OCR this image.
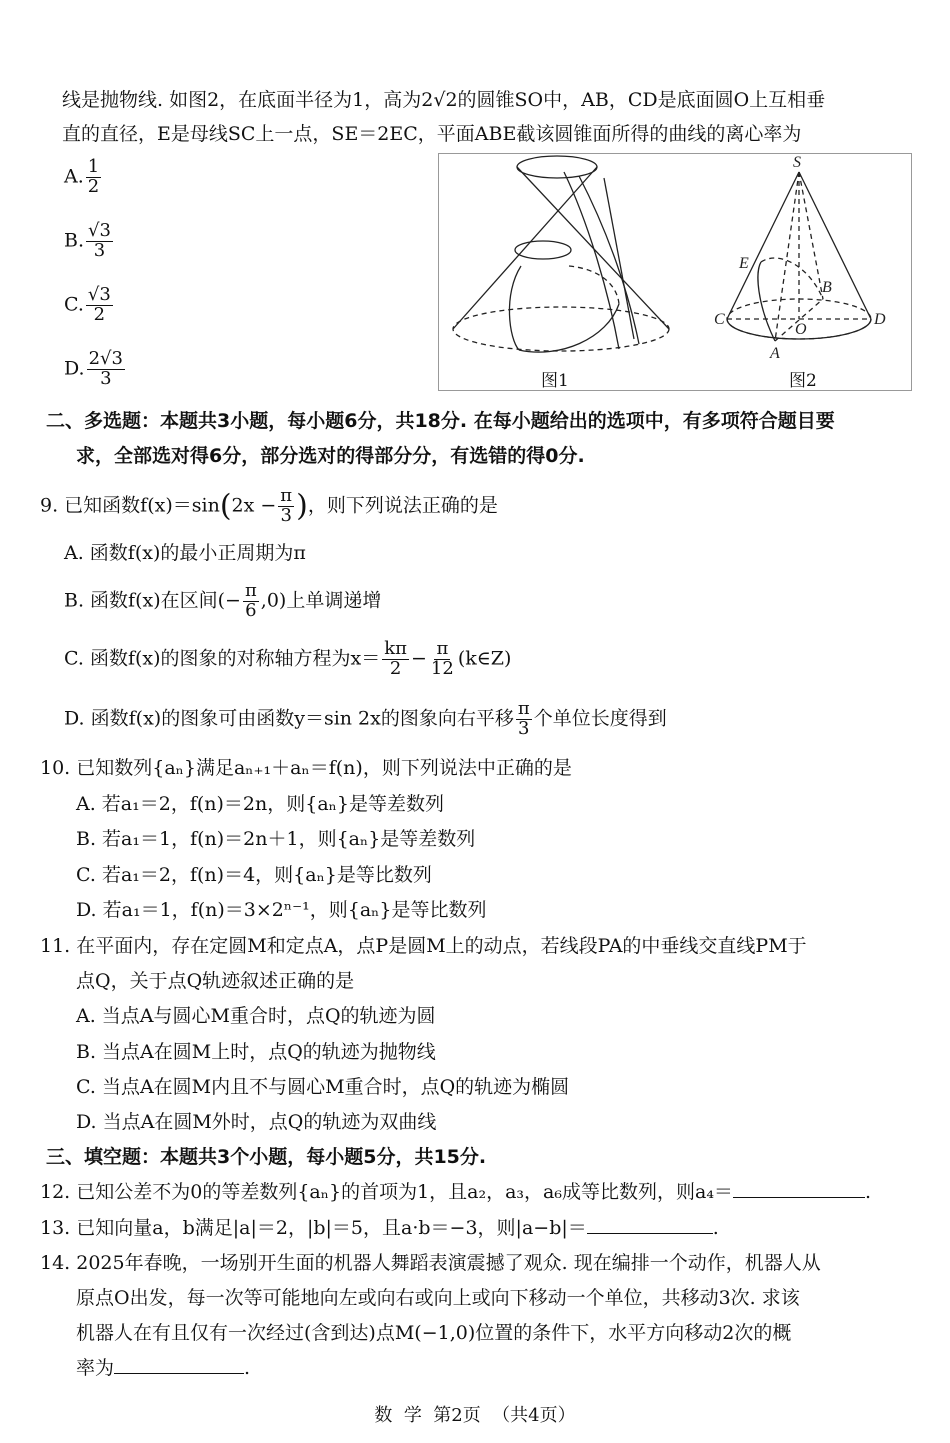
线是抛物线. 如图2，在底面半径为1，高为2√2的圆锥SO中，AB，CD是底面圆O上互相垂
直的直径，E是母线SC上一点，SE＝2EC，平面ABE截该圆锥面所得的曲线的离心率为
A. $\frac{1}{2}$
B. $\frac{√3}{3}$
C. $\frac{√3}{2}$
D. $\frac{2√3}{3}$
S
E
B
C
O
D
A
图1	图2
二、多选题：本题共3小题，每小题6分，共18分. 在每小题给出的选项中，有多项符合题目要
求，全部选对得6分，部分选对的得部分分，有选错的得0分.
9. 已知函数$f(x)=\sin(2x - \frac{\pi}{3}$ )，则下列说法正确的是
A. 函数f(x)的最小正周期为π
B. 函数f(x)在区间(− $\frac{\pi}{6} ,0$)上单调递增
C. 函数f(x)的图象的对称轴方程为$x= \frac{k\pi}{2} - \frac{\pi}{12}$ (k∈Z)
D. 函数f(x)的图象可由函数y＝sin 2x的图象向右平移 $\frac{\pi}{3}$ 个单位长度得到
10. 已知数列{aₙ}满足aₙ₊₁＋aₙ＝f(n)，则下列说法中正确的是
A. 若a₁＝2，f(n)＝2n，则{aₙ}是等差数列
B. 若a₁＝1，f(n)＝2n＋1，则{aₙ}是等差数列
C. 若a₁＝2，f(n)＝4，则{aₙ}是等比数列
D. 若a₁＝1，f(n)＝3×2ⁿ⁻¹，则{aₙ}是等比数列
11. 在平面内，存在定圆M和定点A，点P是圆M上的动点，若线段PA的中垂线交直线PM于
点Q，关于点Q轨迹叙述正确的是
A. 当点A与圆心M重合时，点Q的轨迹为圆
B. 当点A在圆M上时，点Q的轨迹为抛物线
C. 当点A在圆M内且不与圆心M重合时，点Q的轨迹为椭圆
D. 当点A在圆M外时，点Q的轨迹为双曲线
三、填空题：本题共3个小题，每小题5分，共15分.
12. 已知公差不为0的等差数列{aₙ}的首项为1，且a₂，a₃，a₆成等比数列，则a₄＝	.
13. 已知向量a，b满足|a|＝2，|b|＝5，且a·b＝−3，则|a−b|＝	.
14. 2025年春晚，一场别开生面的机器人舞蹈表演震撼了观众. 现在编排一个动作，机器人从
原点O出发，每一次等可能地向左或向右或向上或向下移动一个单位，共移动3次. 求该
机器人在有且仅有一次经过(含到达)点M(−1,0)位置的条件下，水平方向移动2次的概
率为	.
数  学  第2页  （共4页）
